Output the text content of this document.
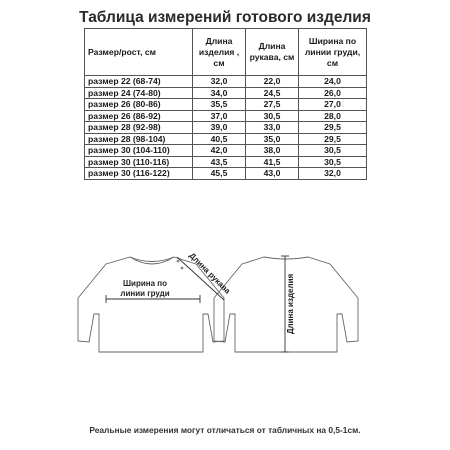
Таблица измерений готового изделия
Размер/рост, см	Длина изделия , см	Длина рукава, см	Ширина по линии груди, см
размер 22 (68-74)	32,0	22,0	24,0
размер 24 (74-80)	34,0	24,5	26,0
размер 26 (80-86)	35,5	27,5	27,0
размер 26 (86-92)	37,0	30,5	28,0
размер 28 (92-98)	39,0	33,0	29,5
размер 28 (98-104)	40,5	35,0	29,5
размер 30 (104-110)	42,0	38,0	30,5
размер 30 (110-116)	43,5	41,5	30,5
размер 30 (116-122)	45,5	43,0	32,0
Ширина по
линии груди Длина рукава
Длина изделия
Реальные измерения могут отличаться от табличных на 0,5-1см.
